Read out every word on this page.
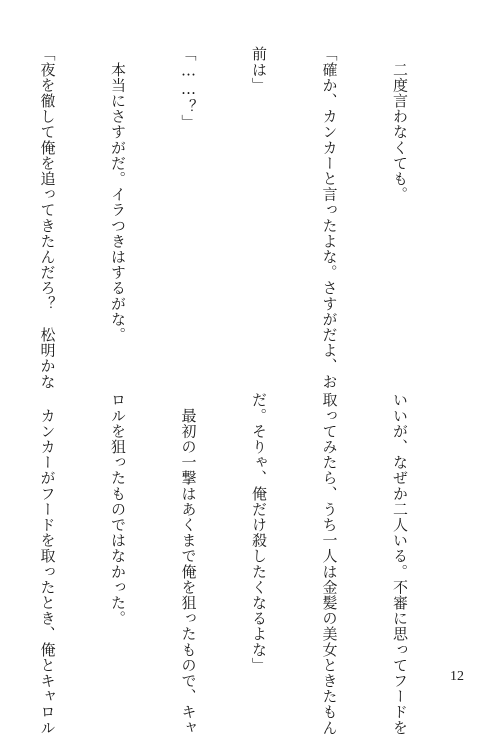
　二度言わなくても。

「確か、カンカーと言ったよな。さすがだよ、お

前は」

「……？」

　本当にさすがだ。イラつきはするがな。

「夜を徹して俺を追ってきたんだろ？　松明かな

いいが、なぜか二人いる。不審に思ってフードを

取ってみたら、うち一人は金髪の美女ときたもん

だ。そりゃ、俺だけ殺したくなるよな」

　最初の一撃はあくまで俺を狙ったもので、キャ

ロルを狙ったものではなかった。

　カンカーがフードを取ったとき、俺とキャロル

	12
